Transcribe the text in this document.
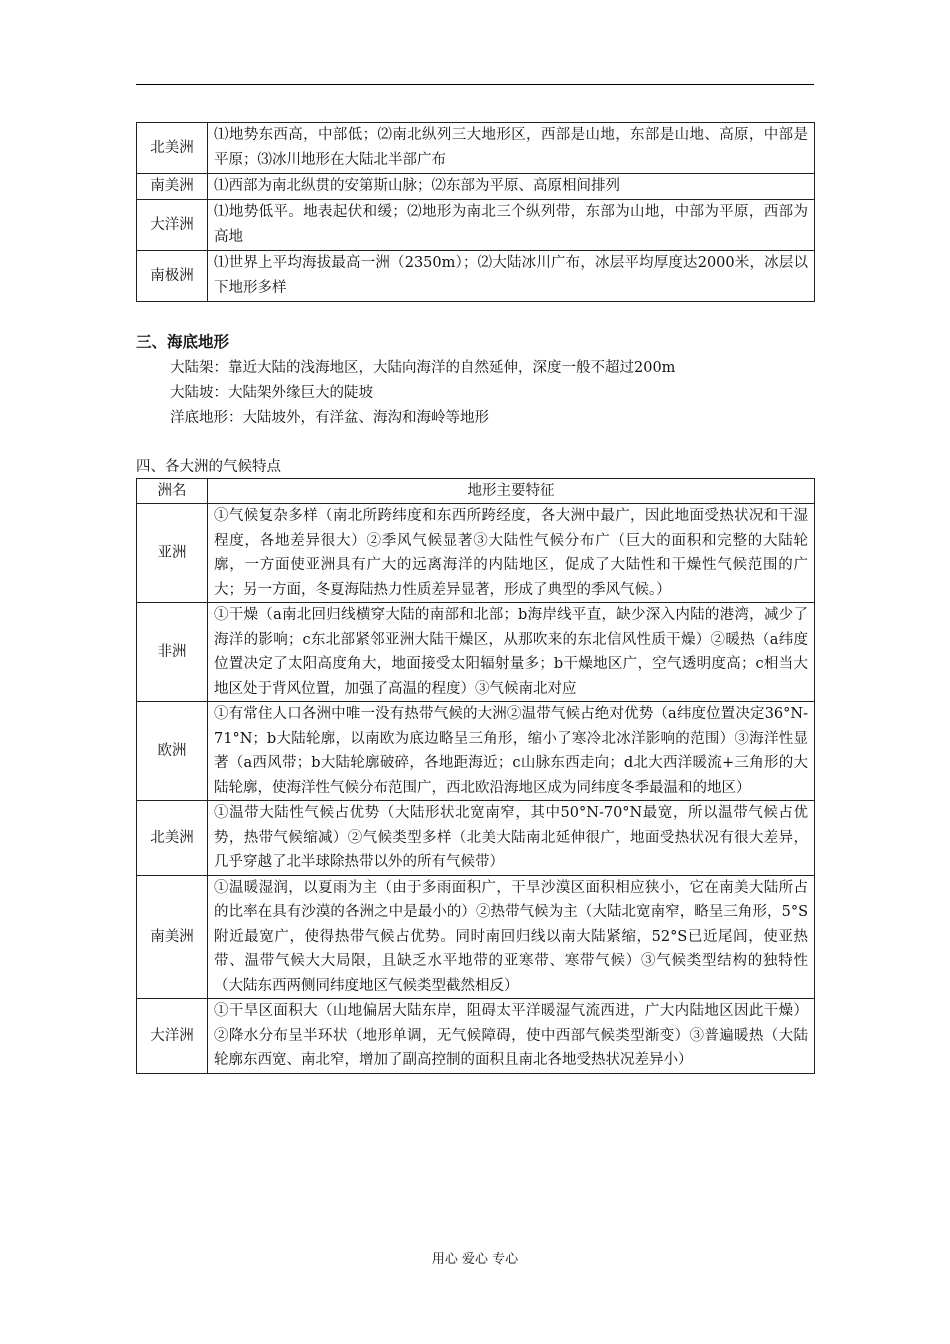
北美洲	⑴地势东西高，中部低；⑵南北纵列三大地形区，西部是山地，东部是山地、高原，中部是平原；⑶冰川地形在大陆北半部广布
南美洲	⑴西部为南北纵贯的安第斯山脉；⑵东部为平原、高原相间排列
大洋洲	⑴地势低平。地表起伏和缓；⑵地形为南北三个纵列带，东部为山地，中部为平原，西部为高地
南极洲	⑴世界上平均海拔最高一洲（2350m）；⑵大陆冰川广布，冰层平均厚度达2000米，冰层以下地形多样
三、海底地形
大陆架：靠近大陆的浅海地区，大陆向海洋的自然延伸，深度一般不超过200m
大陆坡：大陆架外缘巨大的陡坡
洋底地形：大陆坡外，有洋盆、海沟和海岭等地形
四、各大洲的气候特点
洲名	地形主要特征
亚洲	①气候复杂多样（南北所跨纬度和东西所跨经度，各大洲中最广，因此地面受热状况和干湿程度，各地差异很大）②季风气候显著③大陆性气候分布广（巨大的面积和完整的大陆轮廓，一方面使亚洲具有广大的远离海洋的内陆地区，促成了大陆性和干燥性气候范围的广大；另一方面，冬夏海陆热力性质差异显著，形成了典型的季风气候。）
非洲	①干燥（a南北回归线横穿大陆的南部和北部；b海岸线平直，缺少深入内陆的港湾，减少了海洋的影响；c东北部紧邻亚洲大陆干燥区，从那吹来的东北信风性质干燥）②暖热（a纬度位置决定了太阳高度角大，地面接受太阳辐射量多；b干燥地区广，空气透明度高；c相当大地区处于背风位置，加强了高温的程度）③气候南北对应
欧洲	①有常住人口各洲中唯一没有热带气候的大洲②温带气候占绝对优势（a纬度位置决定36°N-71°N；b大陆轮廓，以南欧为底边略呈三角形，缩小了寒冷北冰洋影响的范围）③海洋性显著（a西风带；b大陆轮廓破碎，各地距海近；c山脉东西走向；d北大西洋暖流+三角形的大陆轮廓，使海洋性气候分布范围广，西北欧沿海地区成为同纬度冬季最温和的地区）
北美洲	①温带大陆性气候占优势（大陆形状北宽南窄，其中50°N-70°N最宽，所以温带气候占优势，热带气候缩减）②气候类型多样（北美大陆南北延伸很广，地面受热状况有很大差异，几乎穿越了北半球除热带以外的所有气候带）
南美洲	①温暖湿润，以夏雨为主（由于多雨面积广，干旱沙漠区面积相应狭小，它在南美大陆所占的比率在具有沙漠的各洲之中是最小的）②热带气候为主（大陆北宽南窄，略呈三角形，5°S附近最宽广，使得热带气候占优势。同时南回归线以南大陆紧缩，52°S已近尾闾，使亚热带、温带气候大大局限，且缺乏水平地带的亚寒带、寒带气候）③气候类型结构的独特性（大陆东西两侧同纬度地区气候类型截然相反）
大洋洲	①干旱区面积大（山地偏居大陆东岸，阻碍太平洋暖湿气流西进，广大内陆地区因此干燥）②降水分布呈半环状（地形单调，无气候障碍，使中西部气候类型渐变）③普遍暖热（大陆轮廓东西宽、南北窄，增加了副高控制的面积且南北各地受热状况差异小）
用心 爱心 专心
